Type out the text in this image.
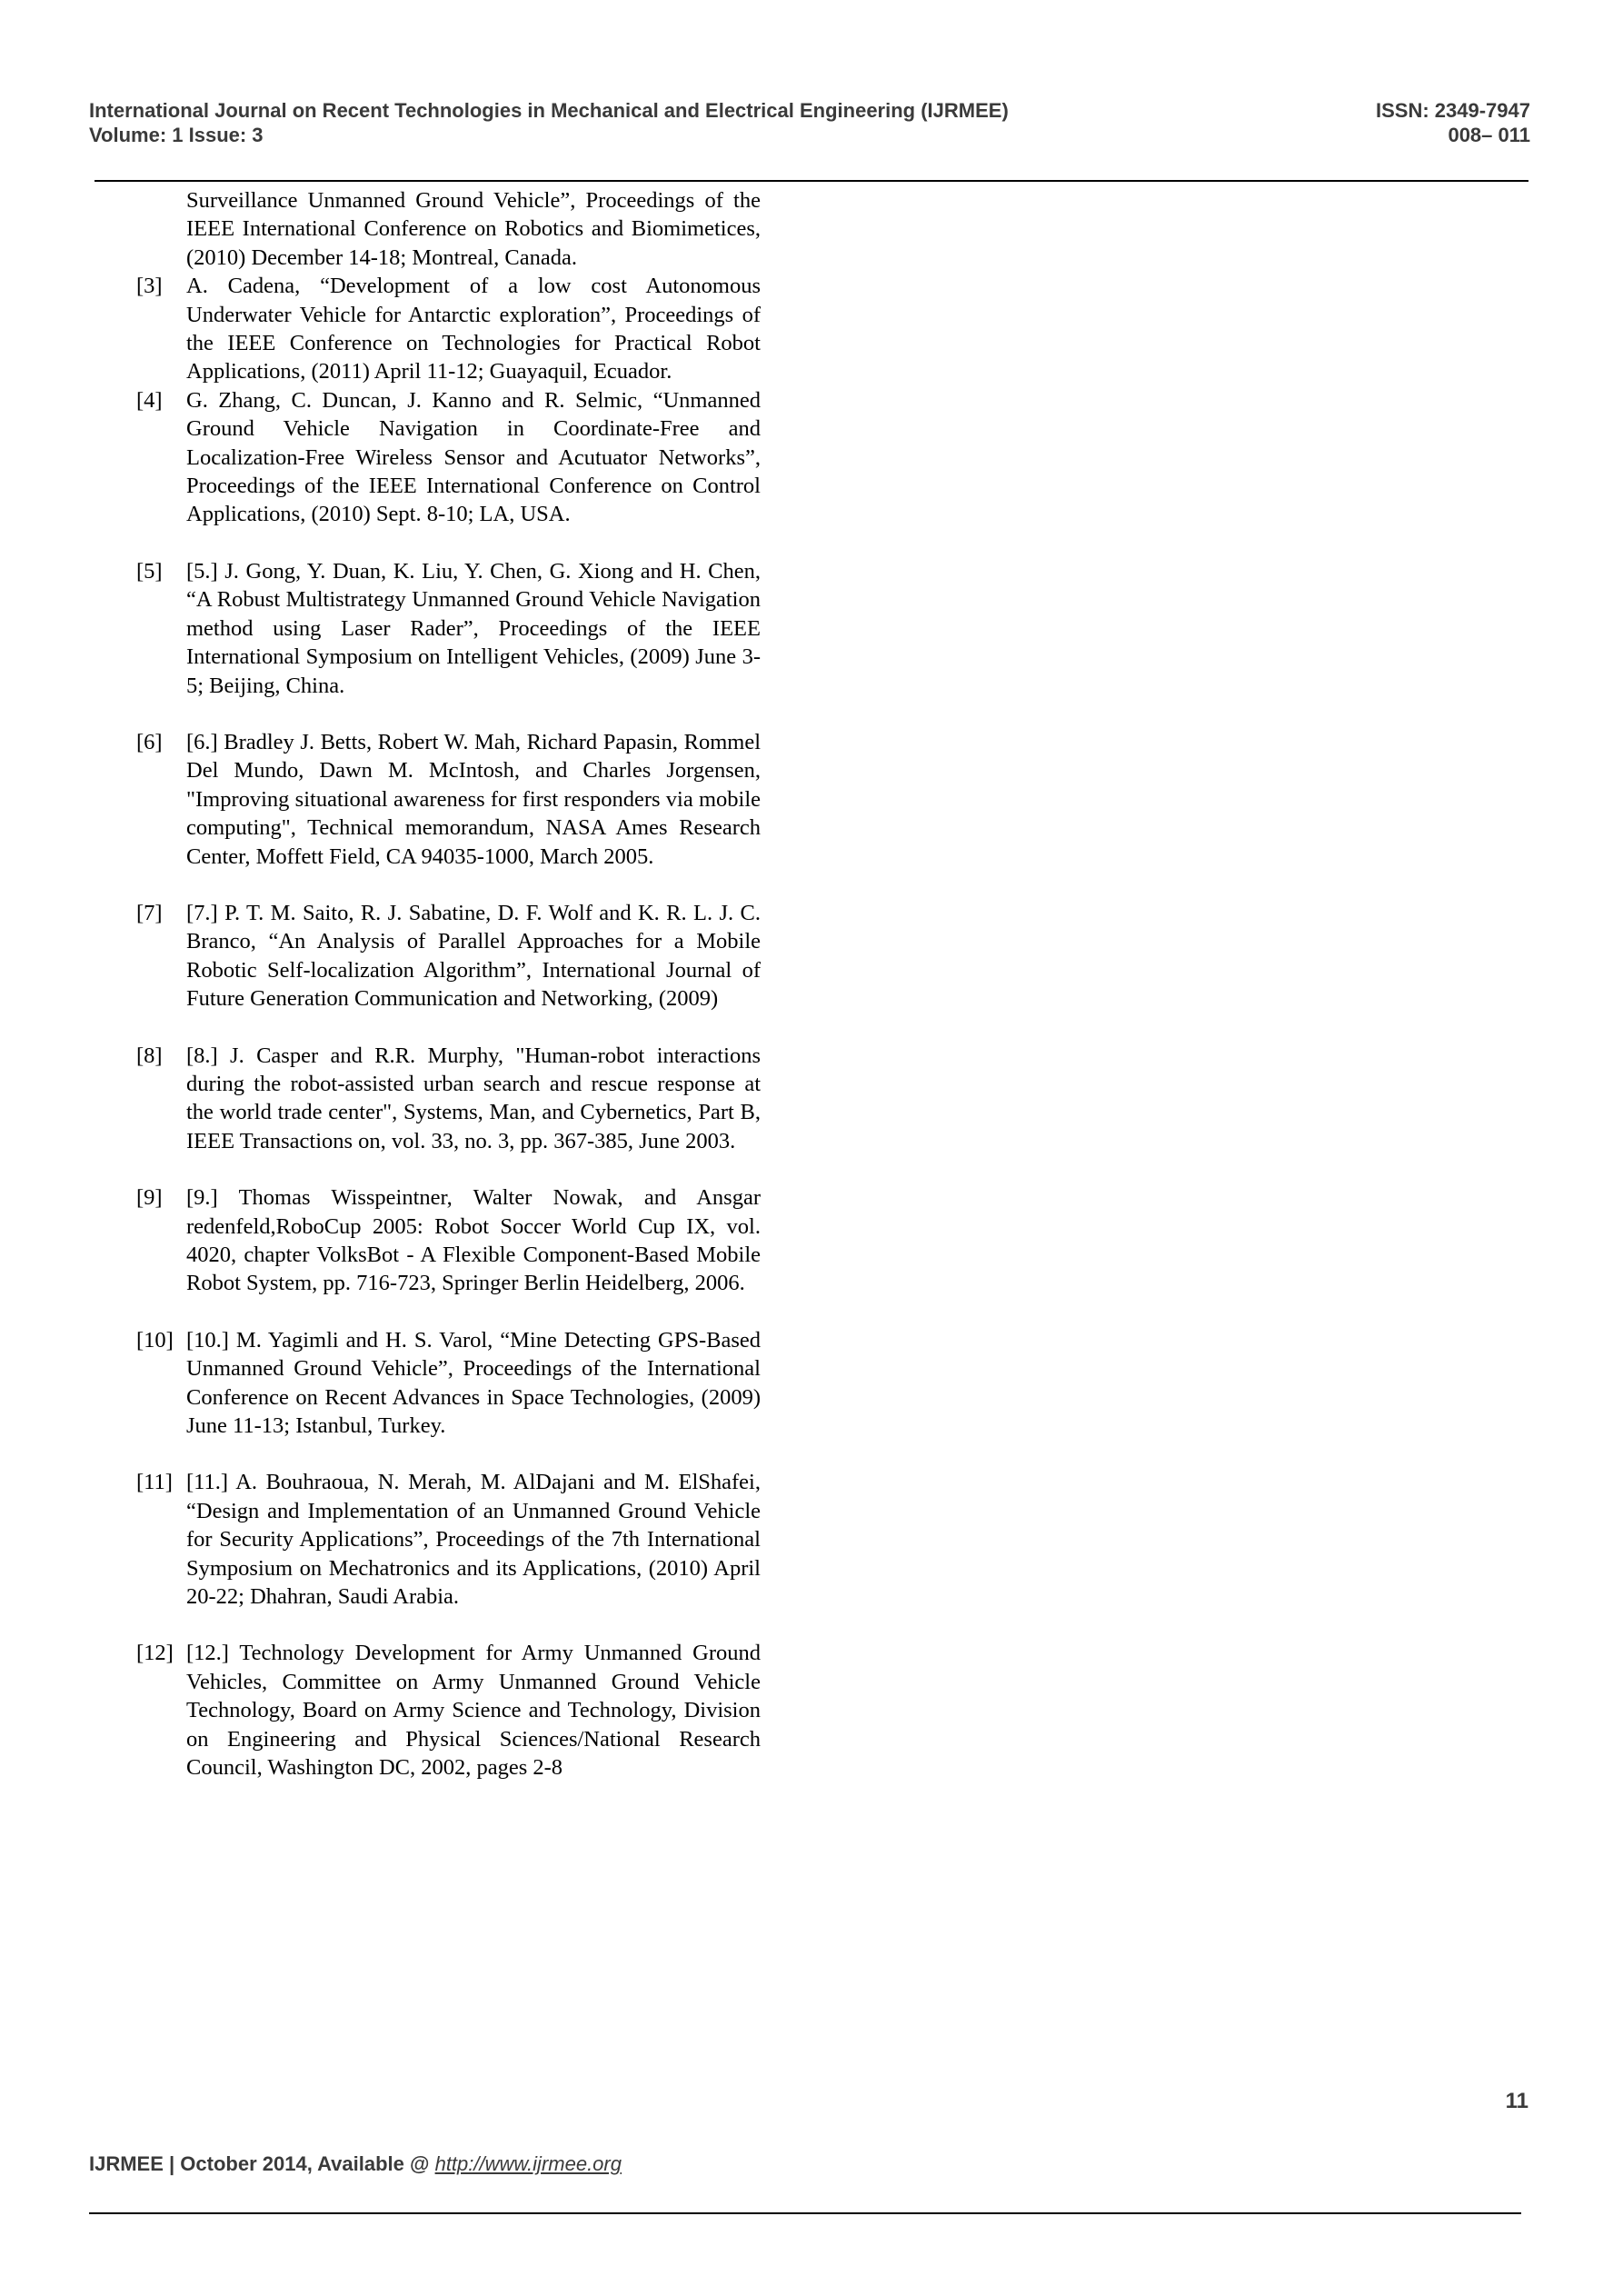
International Journal on Recent Technologies in Mechanical and Electrical Engineering (IJRMEE)
Volume: 1 Issue: 3
ISSN: 2349-7947
008– 011
Surveillance Unmanned Ground Vehicle”, Proceedings of the IEEE International Conference on Robotics and Biomimetices, (2010) December 14-18; Montreal, Canada.
[3] A. Cadena, “Development of a low cost Autonomous Underwater Vehicle for Antarctic exploration”, Proceedings of the IEEE Conference on Technologies for Practical Robot Applications, (2011) April 11-12; Guayaquil, Ecuador.
[4] G. Zhang, C. Duncan, J. Kanno and R. Selmic, “Unmanned Ground Vehicle Navigation in Coordinate-Free and Localization-Free Wireless Sensor and Acutuator Networks”, Proceedings of the IEEE International Conference on Control Applications, (2010) Sept. 8-10; LA, USA.
[5] [5.] J. Gong, Y. Duan, K. Liu, Y. Chen, G. Xiong and H. Chen, “A Robust Multistrategy Unmanned Ground Vehicle Navigation method using Laser Rader”, Proceedings of the IEEE International Symposium on Intelligent Vehicles, (2009) June 3-5; Beijing, China.
[6] [6.] Bradley J. Betts, Robert W. Mah, Richard Papasin, Rommel Del Mundo, Dawn M. McIntosh, and Charles Jorgensen, "Improving situational awareness for first responders via mobile computing", Technical memorandum, NASA Ames Research Center, Moffett Field, CA 94035-1000, March 2005.
[7] [7.] P. T. M. Saito, R. J. Sabatine, D. F. Wolf and K. R. L. J. C. Branco, “An Analysis of Parallel Approaches for a Mobile Robotic Self-localization Algorithm”, International Journal of Future Generation Communication and Networking, (2009)
[8] [8.] J. Casper and R.R. Murphy, "Human-robot interactions during the robot-assisted urban search and rescue response at the world trade center", Systems, Man, and Cybernetics, Part B, IEEE Transactions on, vol. 33, no. 3, pp. 367-385, June 2003.
[9] [9.] Thomas Wisspeintner, Walter Nowak, and Ansgar redenfeld,RoboCup 2005: Robot Soccer World Cup IX, vol. 4020, chapter VolksBot - A Flexible Component-Based Mobile Robot System, pp. 716-723, Springer Berlin Heidelberg, 2006.
[10] [10.] M. Yagimli and H. S. Varol, “Mine Detecting GPS-Based Unmanned Ground Vehicle”, Proceedings of the International Conference on Recent Advances in Space Technologies, (2009) June 11-13; Istanbul, Turkey.
[11] [11.] A. Bouhraoua, N. Merah, M. AlDajani and M. ElShafei, “Design and Implementation of an Unmanned Ground Vehicle for Security Applications”, Proceedings of the 7th International Symposium on Mechatronics and its Applications, (2010) April 20-22; Dhahran, Saudi Arabia.
[12] [12.] Technology Development for Army Unmanned Ground Vehicles, Committee on Army Unmanned Ground Vehicle Technology, Board on Army Science and Technology, Division on Engineering and Physical Sciences/National Research Council, Washington DC, 2002, pages 2-8
11
IJRMEE | October 2014, Available @ http://www.ijrmee.org
